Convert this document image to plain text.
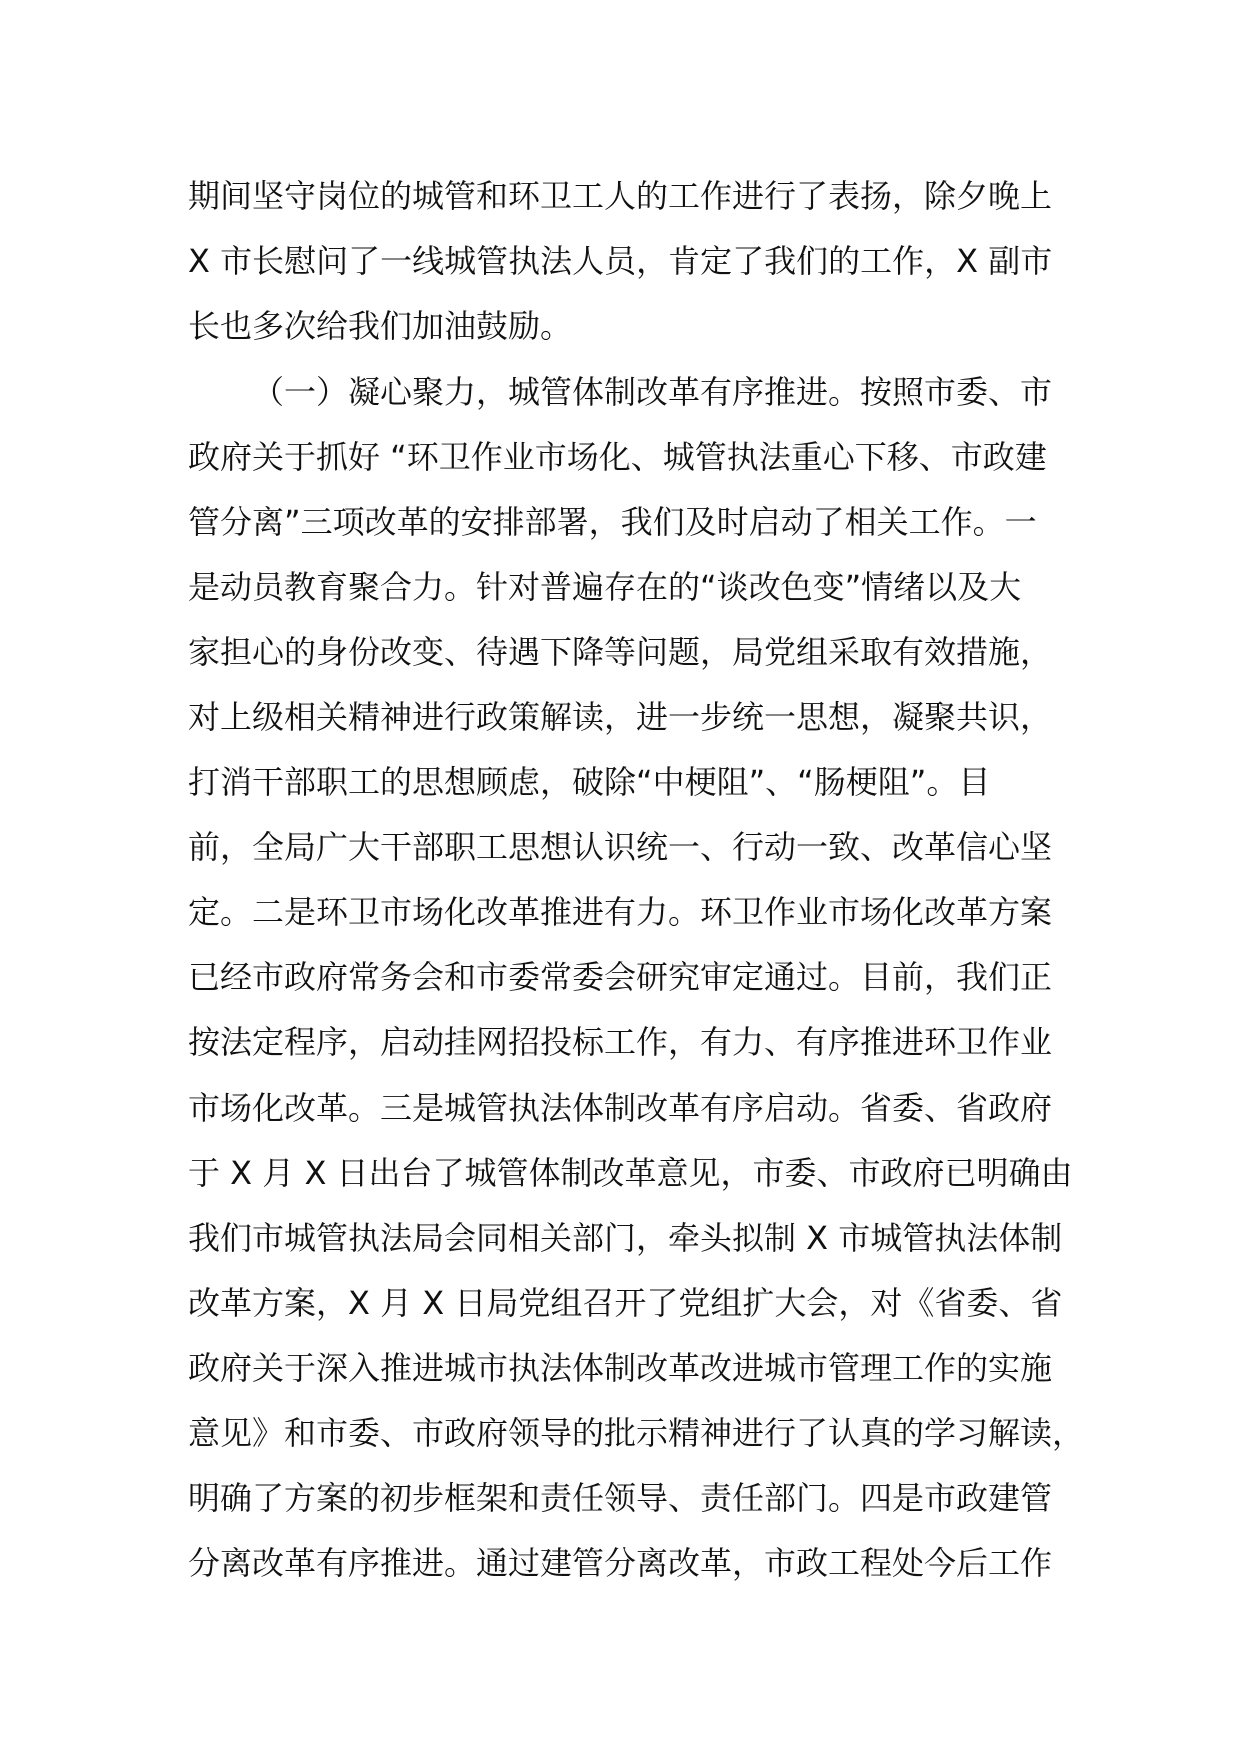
期间坚守岗位的城管和环卫工人的工作进行了表扬，除夕晚上

X 市长慰问了一线城管执法人员，肯定了我们的工作，X 副市

长也多次给我们加油鼓励。

（一）凝心聚力，城管体制改革有序推进。按照市委、市

政府关于抓好 “环卫作业市场化、城管执法重心下移、市政建

管分离”三项改革的安排部署，我们及时启动了相关工作。一

是动员教育聚合力。针对普遍存在的“谈改色变”情绪以及大

家担心的身份改变、待遇下降等问题，局党组采取有效措施，

对上级相关精神进行政策解读，进一步统一思想，凝聚共识，

打消干部职工的思想顾虑，破除“中梗阻”、“肠梗阻”。目

前，全局广大干部职工思想认识统一、行动一致、改革信心坚

定。二是环卫市场化改革推进有力。环卫作业市场化改革方案

已经市政府常务会和市委常委会研究审定通过。目前，我们正

按法定程序，启动挂网招投标工作，有力、有序推进环卫作业

市场化改革。三是城管执法体制改革有序启动。省委、省政府

于 X 月 X 日出台了城管体制改革意见，市委、市政府已明确由

我们市城管执法局会同相关部门，牵头拟制 X 市城管执法体制

改革方案，X 月 X 日局党组召开了党组扩大会，对《省委、省

政府关于深入推进城市执法体制改革改进城市管理工作的实施

意见》和市委、市政府领导的批示精神进行了认真的学习解读，

明确了方案的初步框架和责任领导、责任部门。四是市政建管

分离改革有序推进。通过建管分离改革，市政工程处今后工作
